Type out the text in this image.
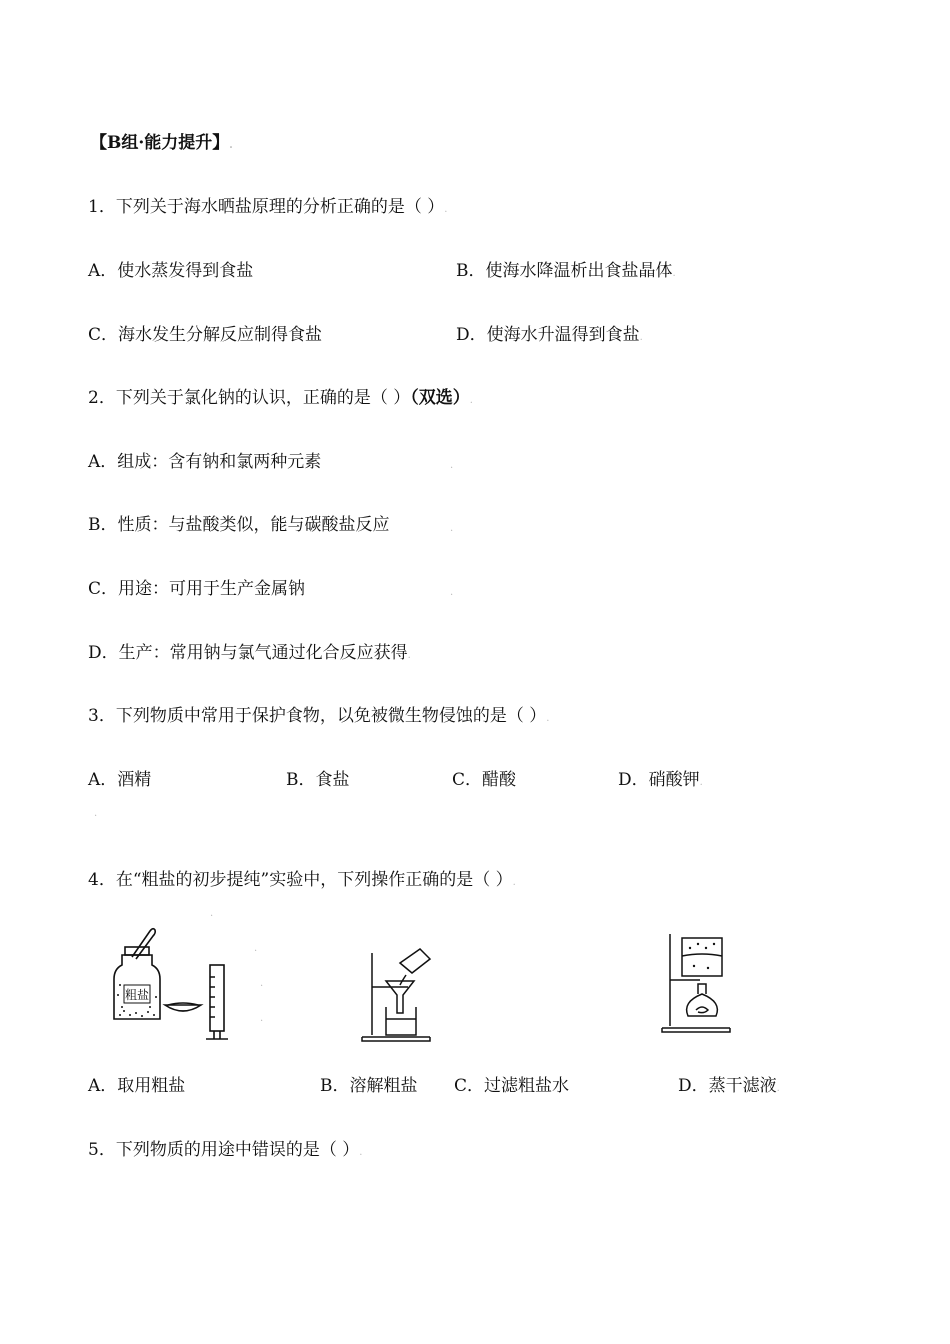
【B组·能力提升】.
1．下列关于海水晒盐原理的分析正确的是（ ）.
A．使水蒸发得到食盐	B．使海水降温析出食盐晶体.
C．海水发生分解反应制得食盐	D．使海水升温得到食盐.
2．下列关于氯化钠的认识，正确的是（ ）（双选）.
A．组成：含有钠和氯两种元素	.
B．性质：与盐酸类似，能与碳酸盐反应	.
C．用途：可用于生产金属钠	.
D．生产：常用钠与氯气通过化合反应获得.
3．下列物质中常用于保护食物，以免被微生物侵蚀的是（ ）.
A．酒精	B．食盐	C．醋酸	D．硝酸钾.
.
4．在“粗盐的初步提纯”实验中，下列操作正确的是（ ）.
.
.
.
.
粗盐
A．取用粗盐	B．溶解粗盐 C．过滤粗盐水	D．蒸干滤液.
5．下列物质的用途中错误的是（ ）.
